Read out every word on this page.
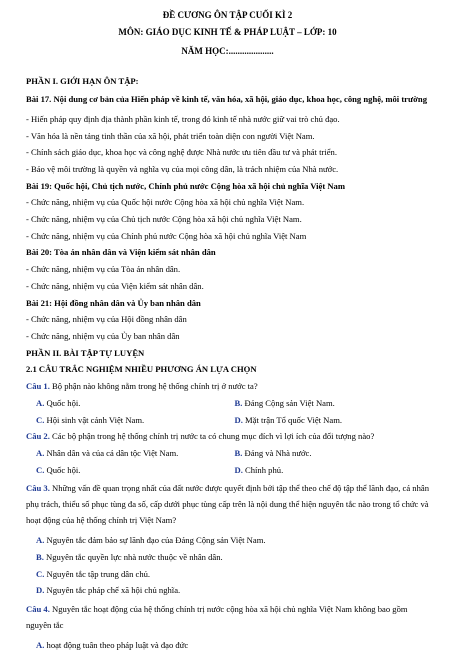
ĐỀ CƯƠNG ÔN TẬP CUỐI KÌ 2
MÔN: GIÁO DỤC KINH TẾ & PHÁP LUẬT – LỚP: 10
NĂM HỌC:....................
PHẦN I. GIỚI HẠN ÔN TẬP:
Bài 17. Nội dung cơ bản của Hiến pháp về kinh tế, văn hóa, xã hội, giáo dục, khoa học, công nghệ, môi trường
- Hiến pháp quy định địa thành phần kinh tế, trong đó kinh tế nhà nước giữ vai trò chủ đạo.
- Văn hóa là nền tảng tinh thần của xã hội, phát triển toàn diện con người Việt Nam.
- Chính sách giáo dục, khoa học và công nghệ được Nhà nước ưu tiên đầu tư và phát triển.
- Bảo vệ môi trường là quyền và nghĩa vụ của mọi công dân, là trách nhiệm của Nhà nước.
Bài 19: Quốc hội, Chủ tịch nước, Chính phủ nước Cộng hòa xã hội chủ nghĩa Việt Nam
- Chức năng, nhiệm vụ của Quốc hội nước Cộng hòa xã hội chủ nghĩa Việt Nam.
- Chức năng, nhiệm vụ của Chủ tịch nước Cộng hòa xã hội chủ nghĩa Việt Nam.
- Chức năng, nhiệm vụ của Chính phủ nước Cộng hòa xã hội chủ nghĩa Việt Nam
Bài 20: Tòa án nhân dân và Viện kiểm sát nhân dân
- Chức năng, nhiệm vụ của Tòa án nhân dân.
- Chức năng, nhiệm vụ của Viện kiểm sát nhân dân.
Bài 21: Hội đồng nhân dân và Ủy ban nhân dân
- Chức năng, nhiệm vụ của Hội đồng nhân dân
- Chức năng, nhiệm vụ của Ủy ban nhân dân
PHẦN II. BÀI TẬP TỰ LUYỆN
2.1 CÂU TRẮC NGHIỆM NHIỀU PHƯƠNG ÁN LỰA CHỌN
Câu 1. Bộ phận nào không nằm trong hệ thống chính trị ở nước ta?
A. Quốc hội.	B. Đảng Cộng sản Việt Nam.
C. Hội sinh vật cảnh Việt Nam.	D. Mặt trận Tổ quốc Việt Nam.
Câu 2. Các bộ phận trong hệ thống chính trị nước ta có chung mục đích vì lợi ích của đối tượng nào?
A. Nhân dân và của cả dân tộc Việt Nam.	B. Đảng và Nhà nước.
C. Quốc hội.	D. Chính phủ.
Câu 3. Những vấn đề quan trọng nhất của đất nước được quyết định bởi tập thể theo chế độ tập thể lãnh đạo, cá nhân phụ trách, thiểu số phục tùng đa số, cấp dưới phục tùng cấp trên là nội dung thể hiện nguyên tắc nào trong tổ chức và hoạt động của hệ thống chính trị Việt Nam?
A. Nguyên tắc đảm bảo sự lãnh đạo của Đảng Cộng sản Việt Nam.
B. Nguyên tắc quyền lực nhà nước thuộc về nhân dân.
C. Nguyên tắc tập trung dân chủ.
D. Nguyên tắc pháp chế xã hội chủ nghĩa.
Câu 4. Nguyên tắc hoạt động của hệ thống chính trị nước cộng hòa xã hội chủ nghĩa Việt Nam không bao gồm nguyên tắc
A. hoạt động tuân theo pháp luật và đạo đức
